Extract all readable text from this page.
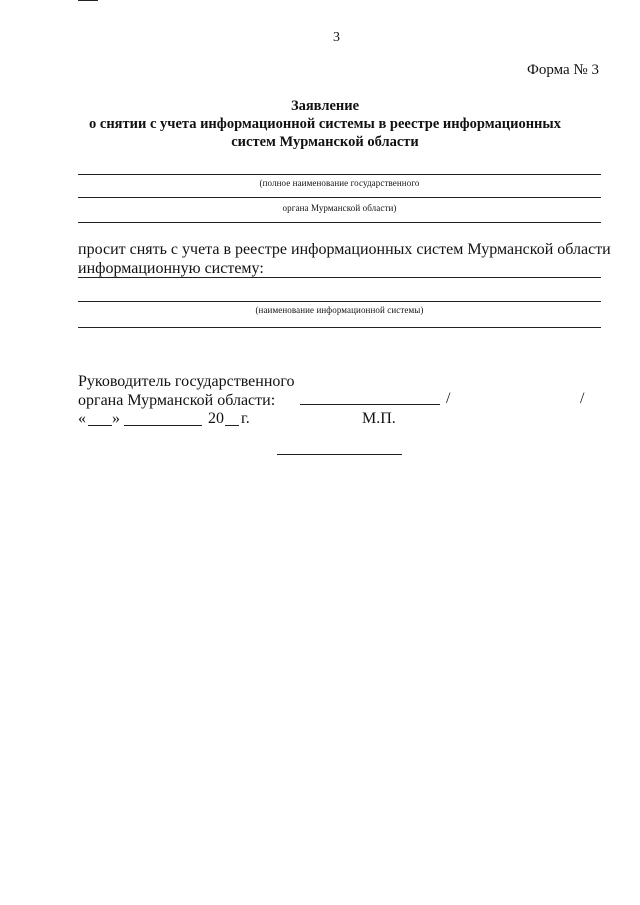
3
Форма № 3
Заявление
о снятии с учета информационной системы в реестре информационных
систем Мурманской области
(полное наименование государственного
органа Мурманской области)
просит снять с учета в реестре информационных систем Мурманской области
информационную систему:
(наименование информационной системы)
Руководитель государственного
органа Мурманской области:	/	/
« »	20 г.	М.П.
